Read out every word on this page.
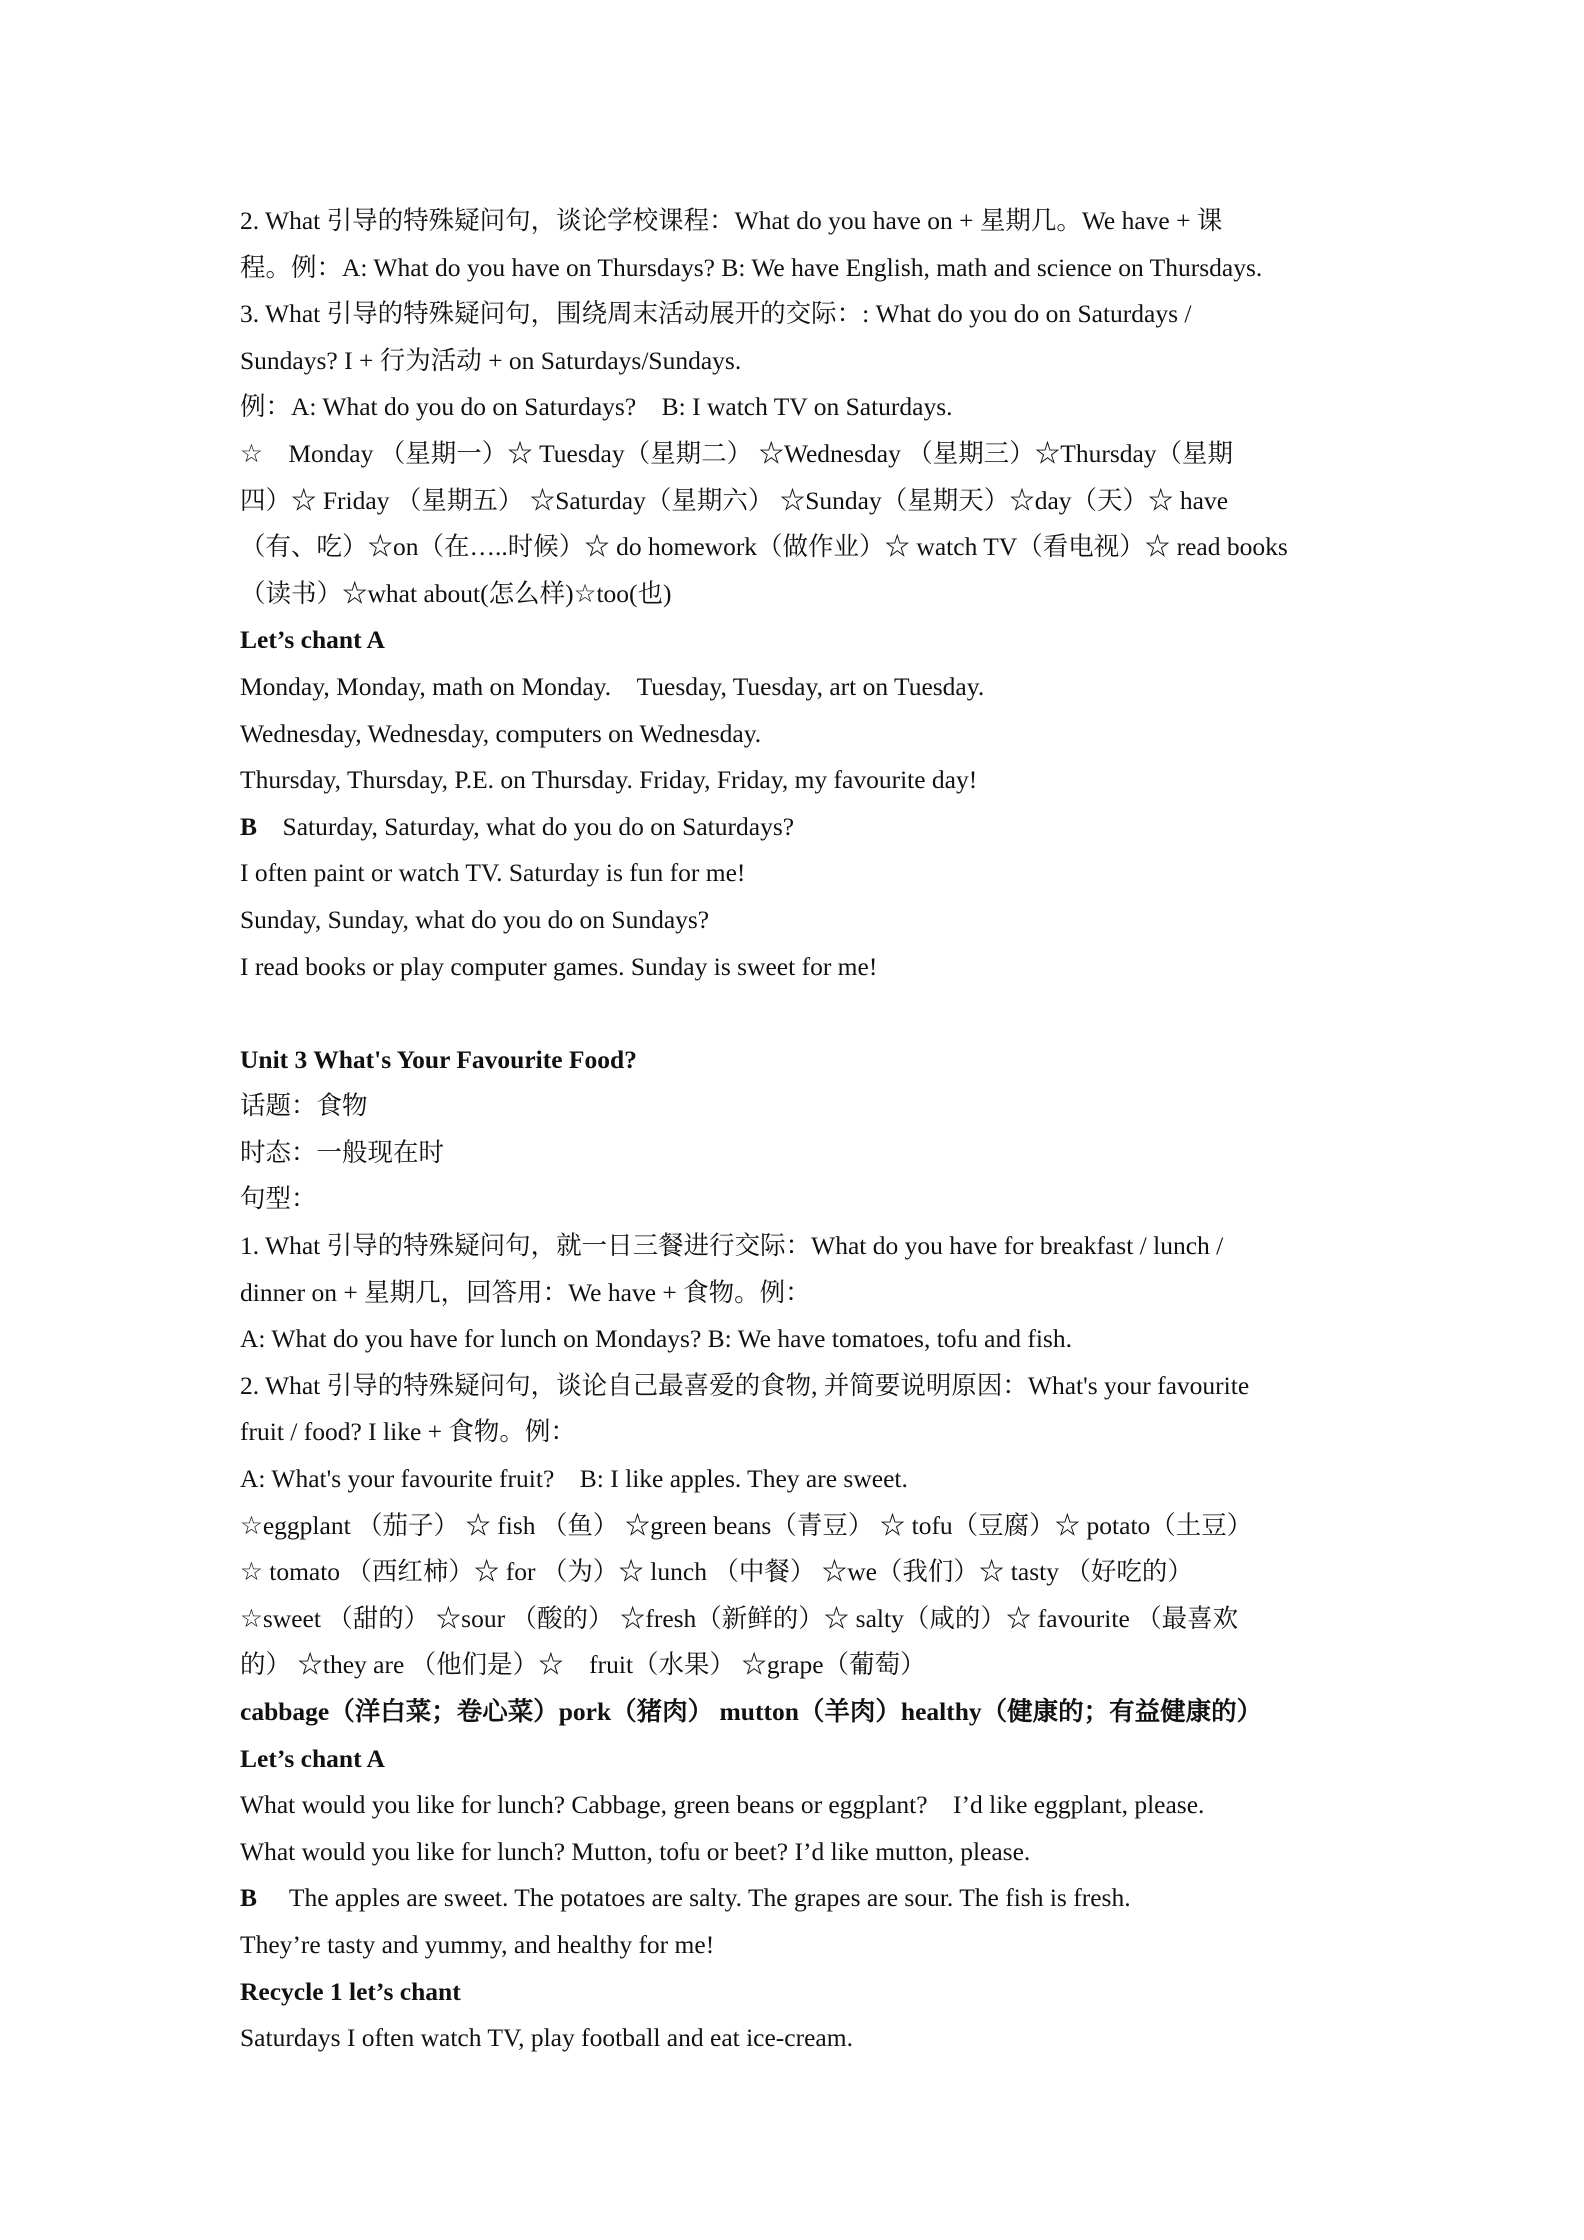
2. What 引导的特殊疑问句，谈论学校课程：What do you have on + 星期几。We have + 课
程。例：A: What do you have on Thursdays? B: We have English, math and science on Thursdays.
3. What 引导的特殊疑问句，围绕周末活动展开的交际：: What do you do on Saturdays /
Sundays? I + 行为活动 + on Saturdays/Sundays.
例：A: What do you do on Saturdays?　B: I watch TV on Saturdays.
☆　Monday （星期一）☆ Tuesday（星期二） ☆Wednesday （星期三）☆Thursday（星期
四）☆ Friday （星期五） ☆Saturday（星期六） ☆Sunday（星期天）☆day（天）☆ have
（有、吃）☆on（在…..时候）☆ do homework（做作业）☆ watch TV（看电视）☆ read books
（读书）☆what about(怎么样)☆too(也)
Let’s chant A
Monday, Monday, math on Monday.　Tuesday, Tuesday, art on Tuesday.
Wednesday, Wednesday, computers on Wednesday.
Thursday, Thursday, P.E. on Thursday. Friday, Friday, my favourite day!
B Saturday, Saturday, what do you do on Saturdays?
I often paint or watch TV. Saturday is fun for me!
Sunday, Sunday, what do you do on Sundays?
I read books or play computer games. Sunday is sweet for me!
Unit 3 What's Your Favourite Food?
话题：食物
时态：一般现在时
句型：
1. What 引导的特殊疑问句，就一日三餐进行交际：What do you have for breakfast / lunch /
dinner on + 星期几，回答用：We have + 食物。例：
A: What do you have for lunch on Mondays? B: We have tomatoes, tofu and fish.
2. What 引导的特殊疑问句，谈论自己最喜爱的食物, 并简要说明原因：What's your favourite
fruit / food? I like + 食物。例：
A: What's your favourite fruit?　B: I like apples. They are sweet.
☆eggplant （茄子） ☆ fish （鱼） ☆green beans（青豆） ☆ tofu（豆腐）☆ potato（土豆）
☆ tomato （西红柿）☆ for （为）☆ lunch （中餐） ☆we（我们）☆ tasty （好吃的）
☆sweet （甜的） ☆sour （酸的） ☆fresh（新鲜的）☆ salty（咸的）☆ favourite （最喜欢
的） ☆they are （他们是）☆　fruit（水果） ☆grape（葡萄）
cabbage（洋白菜；卷心菜）pork（猪肉） mutton（羊肉）healthy（健康的；有益健康的）
Let’s chant A
What would you like for lunch? Cabbage, green beans or eggplant?　I’d like eggplant, please.
What would you like for lunch? Mutton, tofu or beet? I’d like mutton, please.
B The apples are sweet. The potatoes are salty. The grapes are sour. The fish is fresh.
They’re tasty and yummy, and healthy for me!
Recycle 1 let’s chant
Saturdays I often watch TV, play football and eat ice-cream.
